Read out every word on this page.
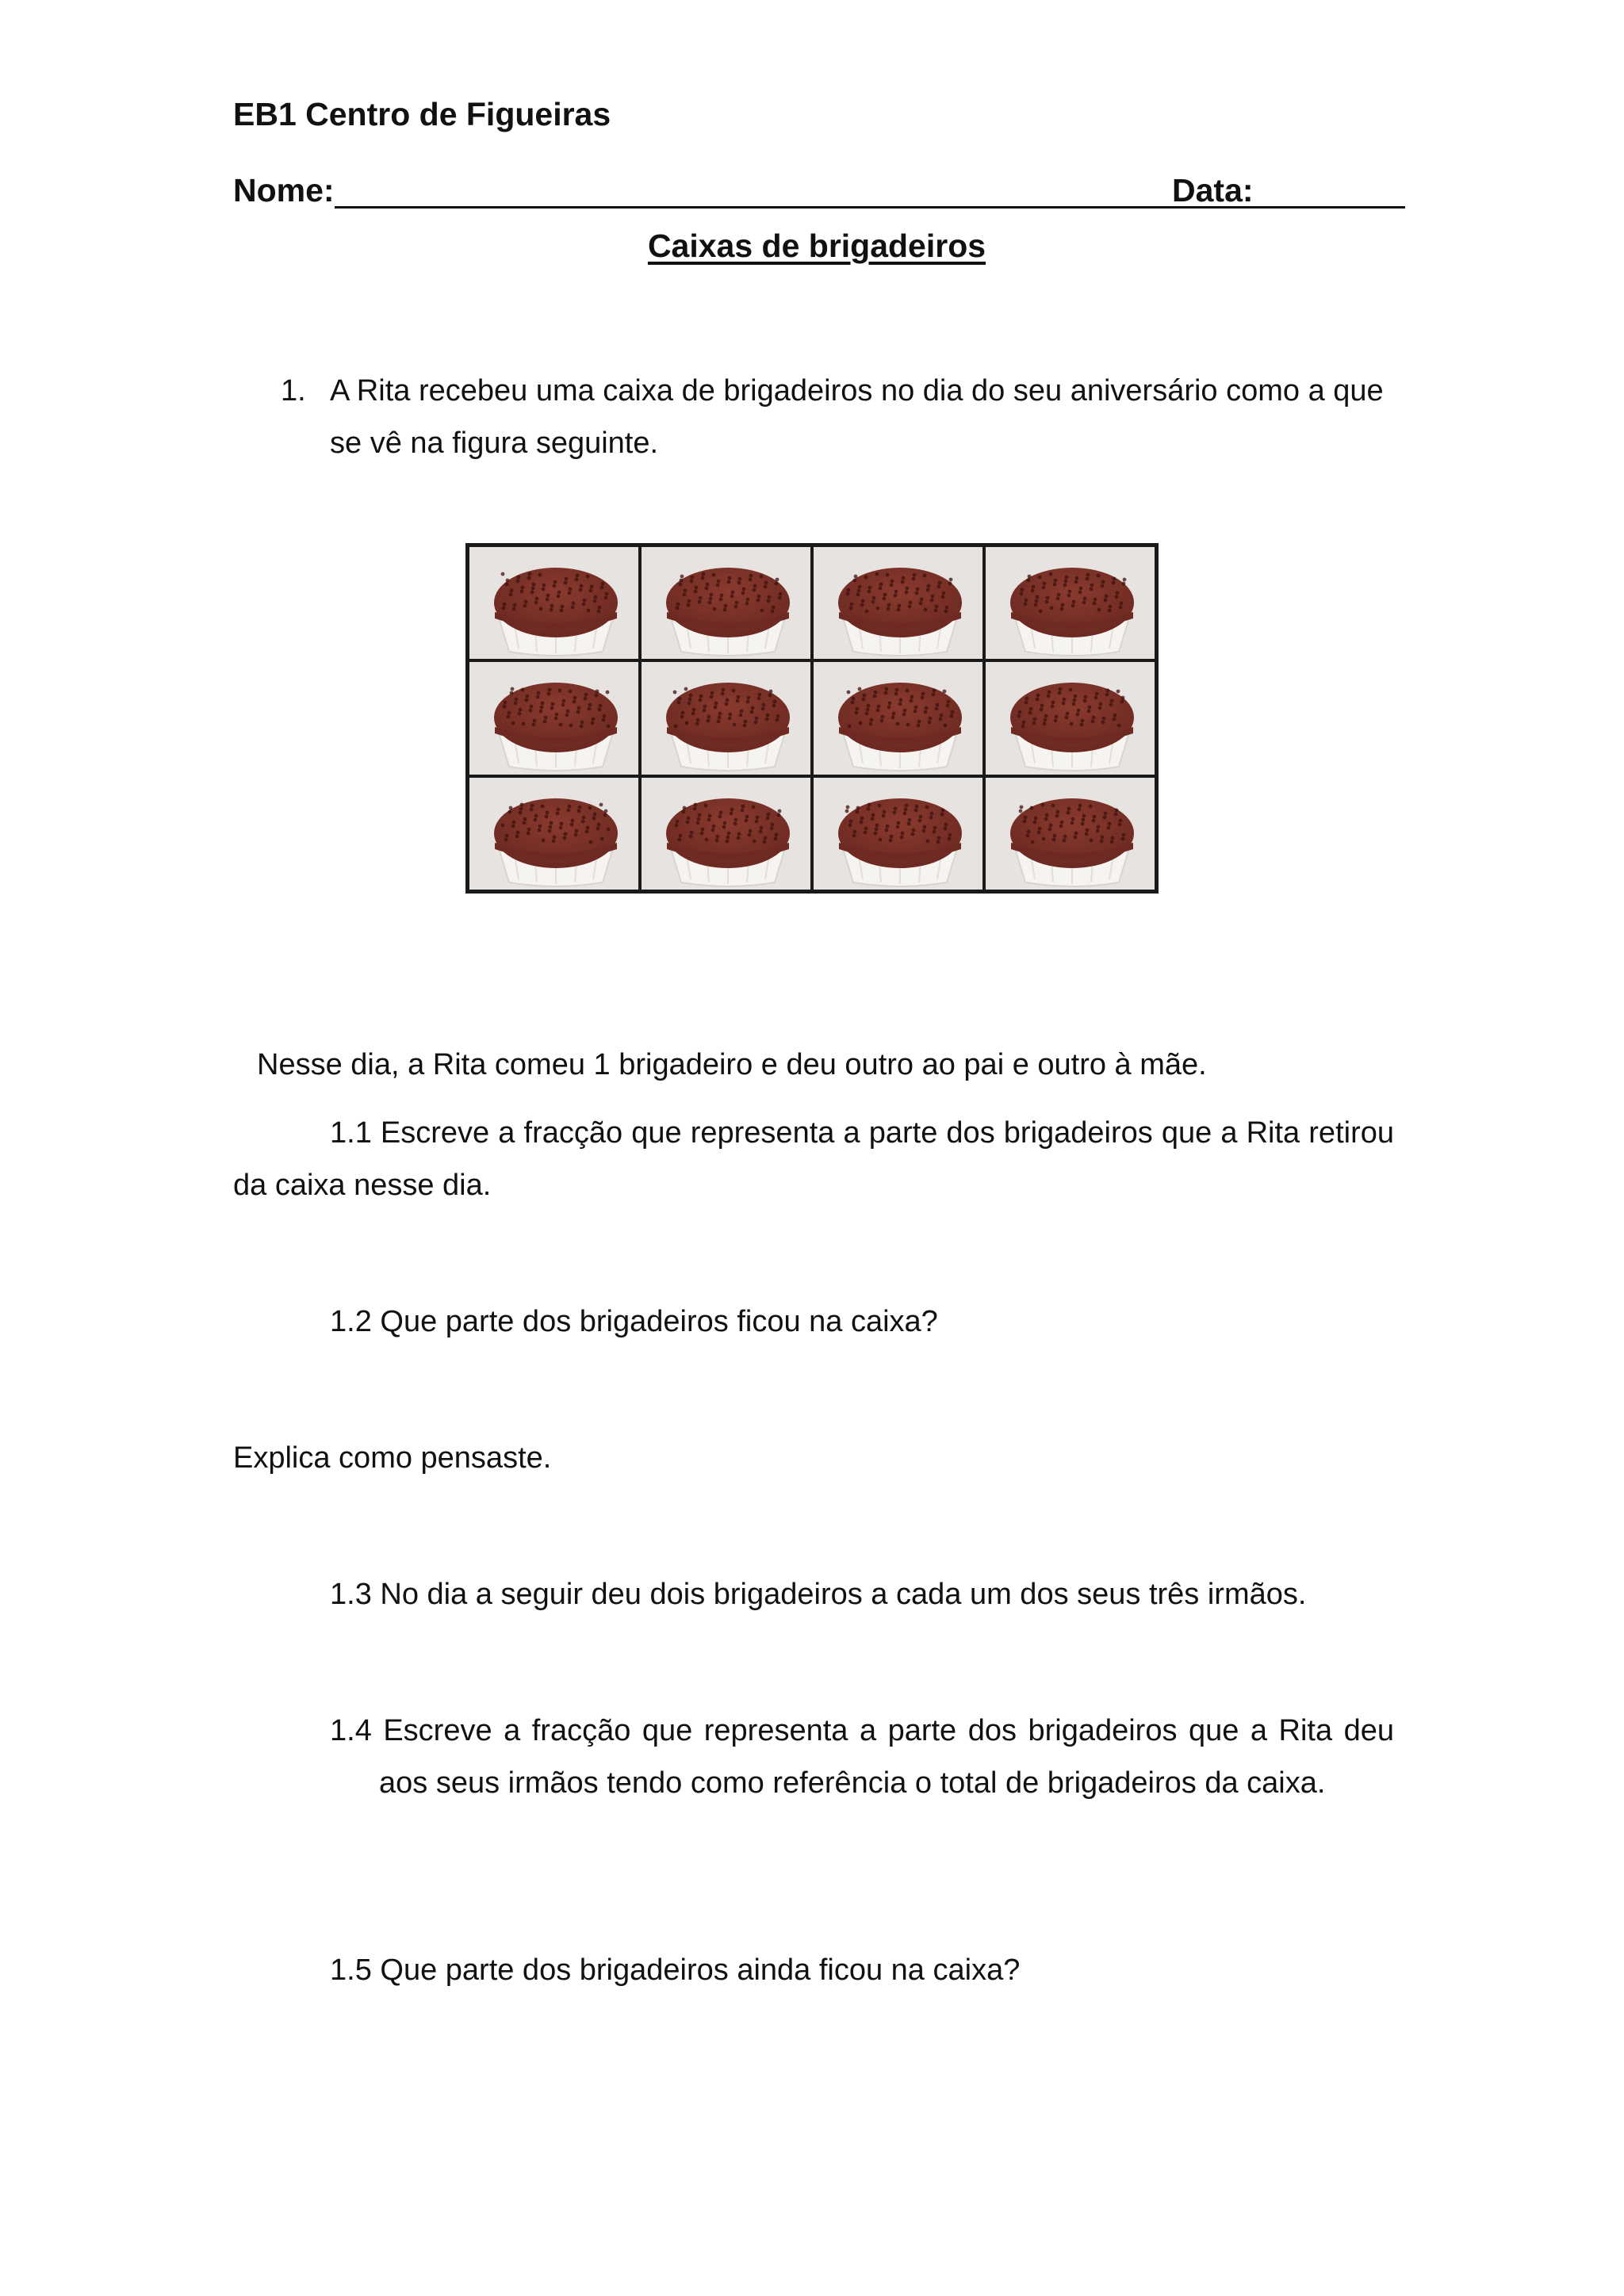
EB1 Centro de Figueiras
Nome:	Data:
Caixas de brigadeiros
1. A Rita recebeu uma caixa de brigadeiros no dia do seu aniversário como a que
se vê na figura seguinte.
Nesse dia, a Rita comeu 1 brigadeiro e deu outro ao pai e outro à mãe.
1.1 Escreve a fracção que representa a parte dos brigadeiros que a Rita retirou
da caixa nesse dia.
1.2 Que parte dos brigadeiros ficou na caixa?
Explica como pensaste.
1.3 No dia a seguir deu dois brigadeiros a cada um dos seus três irmãos.
1.4 Escreve a fracção que representa a parte dos brigadeiros que a Rita deu
aos seus irmãos tendo como referência o total de brigadeiros da caixa.
1.5 Que parte dos brigadeiros ainda ficou na caixa?
